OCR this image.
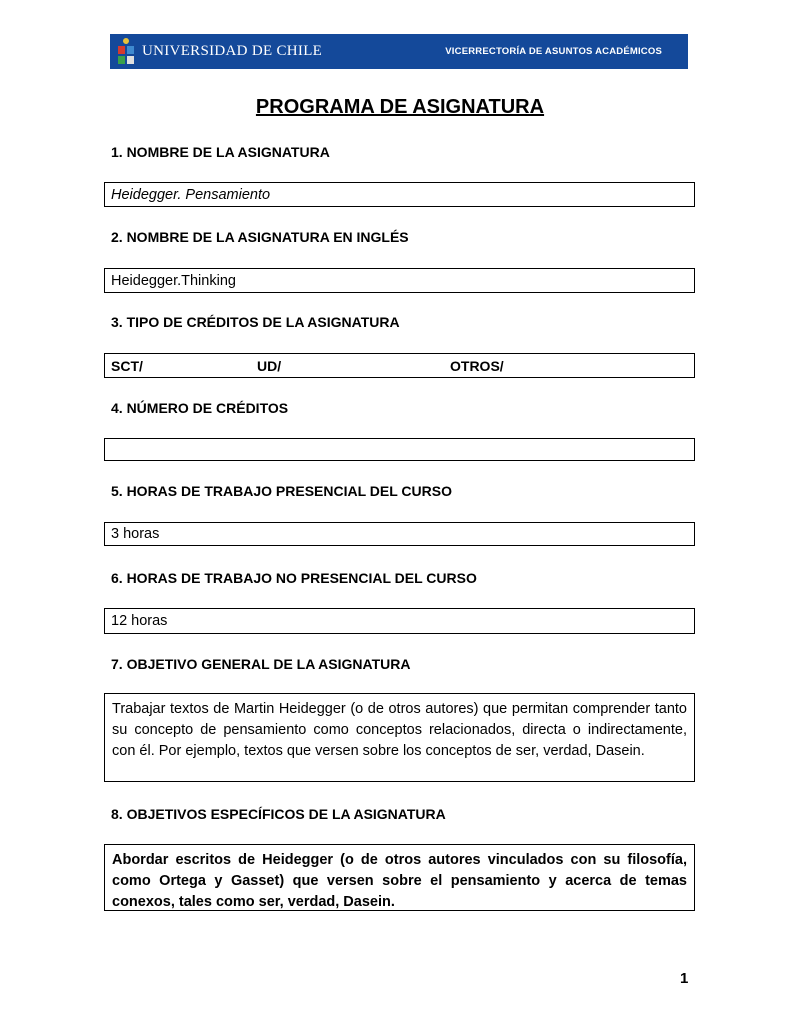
UNIVERSIDAD DE CHILE	VICERRECTORÍA DE ASUNTOS ACADÉMICOS
PROGRAMA DE ASIGNATURA
1. NOMBRE DE LA ASIGNATURA
Heidegger. Pensamiento
2. NOMBRE DE LA ASIGNATURA EN INGLÉS
Heidegger.Thinking
3. TIPO DE CRÉDITOS DE LA ASIGNATURA
SCT/	UD/	OTROS/
4. NÚMERO DE CRÉDITOS
5. HORAS DE TRABAJO PRESENCIAL DEL CURSO
3 horas
6. HORAS DE TRABAJO NO PRESENCIAL DEL CURSO
12 horas
7. OBJETIVO GENERAL DE LA ASIGNATURA
Trabajar textos de Martin Heidegger (o de otros autores) que permitan comprender tanto su concepto de pensamiento como conceptos relacionados, directa o indirectamente, con él. Por ejemplo, textos que versen sobre los conceptos de ser, verdad, Dasein.
8. OBJETIVOS ESPECÍFICOS DE LA ASIGNATURA
Abordar escritos de Heidegger (o de otros autores vinculados con su filosofía, como Ortega y Gasset) que versen sobre el pensamiento y acerca de temas conexos, tales como ser, verdad, Dasein.
1
